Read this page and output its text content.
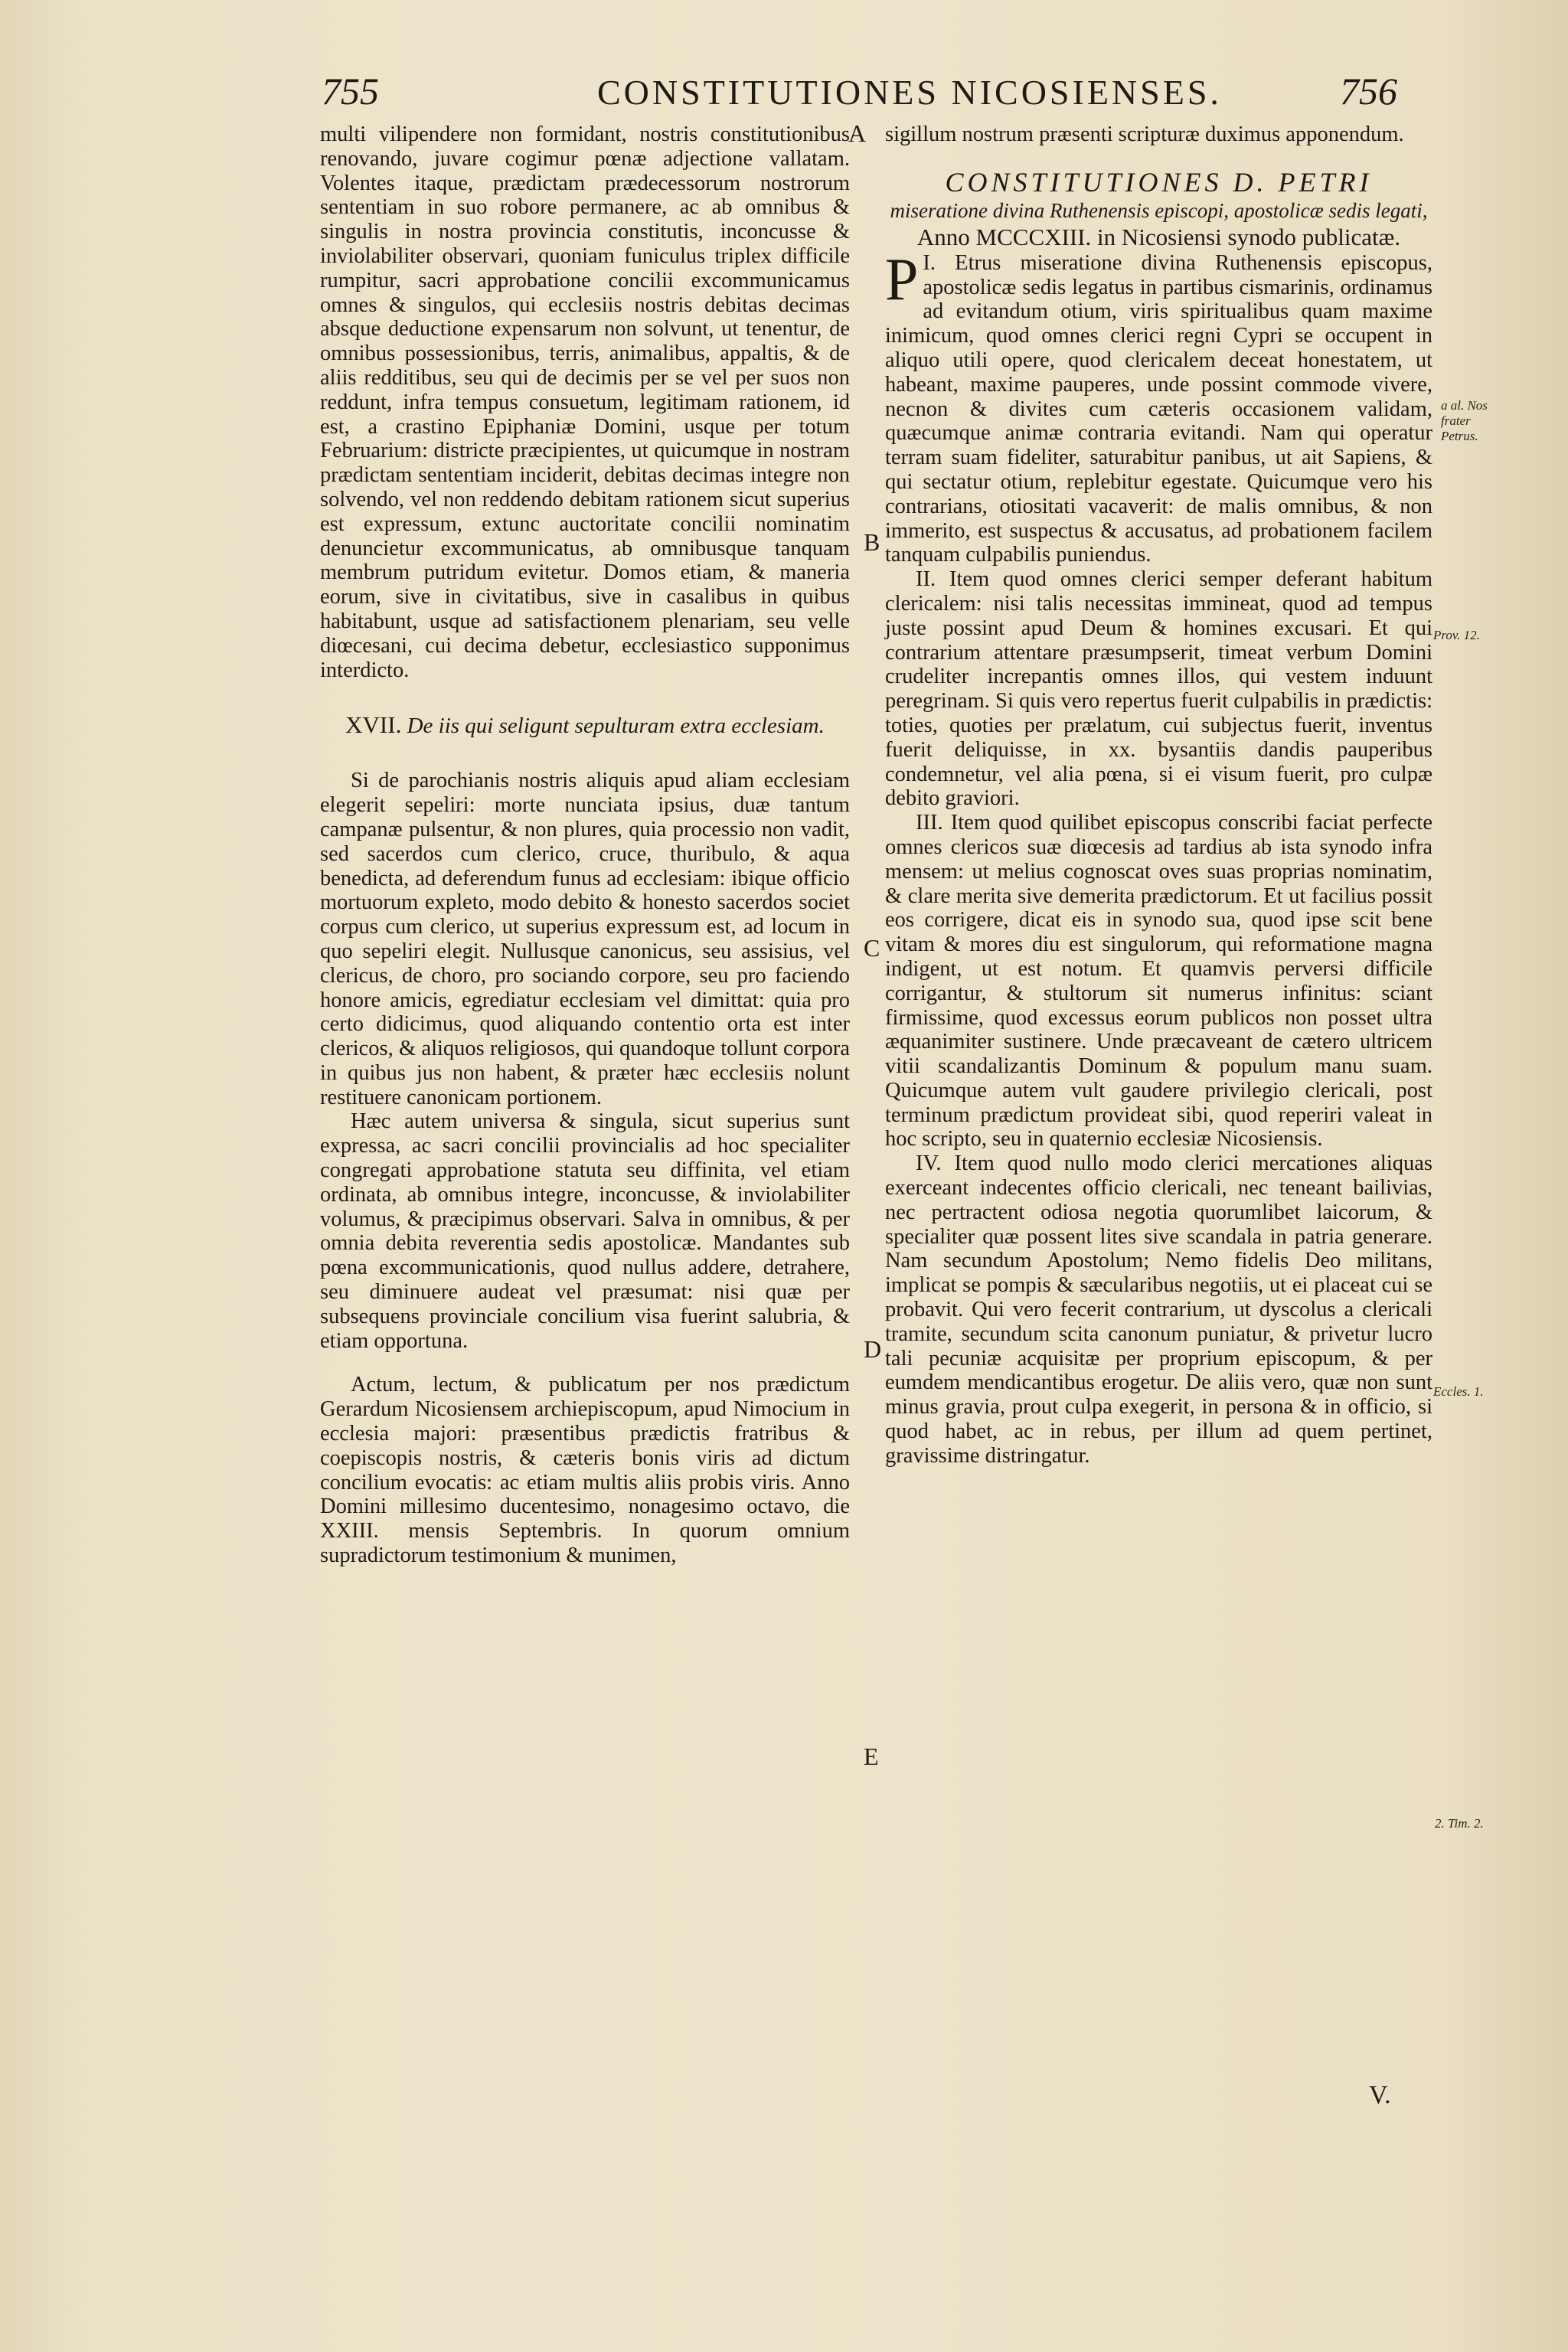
755	CONSTITUTIONES NICOSIENSES.	756

multi vilipendere non formidant, nostris constitutionibus renovando, juvare cogimur pœnæ adjectione vallatam. Volentes itaque, prædictam prædecessorum nostrorum sententiam in suo robore permanere, ac ab omnibus & singulis in nostra provincia constitutis, inconcusse & inviolabiliter observari, quoniam funiculus triplex difficile rumpitur, sacri approbatione concilii excommunicamus omnes & singulos, qui ecclesiis nostris debitas decimas absque deductione expensarum non solvunt, ut tenentur, de omnibus possessionibus, terris, animalibus, appaltis, & de aliis redditibus, seu qui de decimis per se vel per suos non reddunt, infra tempus consuetum, legitimam rationem, id est, a crastino Epiphaniæ Domini, usque per totum Februarium: districte præcipientes, ut quicumque in nostram prædictam sententiam inciderit, debitas decimas integre non solvendo, vel non reddendo debitam rationem sicut superius est expressum, extunc auctoritate concilii nominatim denuncietur excommunicatus, ab omnibusque tanquam membrum putridum evitetur. Domos etiam, & maneria eorum, sive in civitatibus, sive in casalibus in quibus habitabunt, usque ad satisfactionem plenariam, seu velle diœcesani, cui decima debetur, ecclesiastico supponimus interdicto.

XVII. De iis qui seligunt sepulturam extra ecclesiam.

Si de parochianis nostris aliquis apud aliam ecclesiam elegerit sepeliri: morte nunciata ipsius, duæ tantum campanæ pulsentur, & non plures, quia processio non vadit, sed sacerdos cum clerico, cruce, thuribulo, & aqua benedicta, ad deferendum funus ad ecclesiam: ibique officio mortuorum expleto, modo debito & honesto sacerdos societ corpus cum clerico, ut superius expressum est, ad locum in quo sepeliri elegit. Nullusque canonicus, seu assisius, vel clericus, de choro, pro sociando corpore, seu pro faciendo honore amicis, egrediatur ecclesiam vel dimittat: quia pro certo didicimus, quod aliquando contentio orta est inter clericos, & aliquos religiosos, qui quandoque tollunt corpora in quibus jus non habent, & præter hæc ecclesiis nolunt restituere canonicam portionem.

Hæc autem universa & singula, sicut superius sunt expressa, ac sacri concilii provincialis ad hoc specialiter congregati approbatione statuta seu diffinita, vel etiam ordinata, ab omnibus integre, inconcusse, & inviolabiliter volumus, & præcipimus observari. Salva in omnibus, & per omnia debita reverentia sedis apostolicæ. Mandantes sub pœna excommunicationis, quod nullus addere, detrahere, seu diminuere audeat vel præsumat: nisi quæ per subsequens provinciale concilium visa fuerint salubria, & etiam opportuna.

Actum, lectum, & publicatum per nos prædictum Gerardum Nicosiensem archiepiscopum, apud Nimocium in ecclesia majori: præsentibus prædictis fratribus & coepiscopis nostris, & cæteris bonis viris ad dictum concilium evocatis: ac etiam multis aliis probis viris. Anno Domini millesimo ducentesimo, nonagesimo octavo, die XXIII. mensis Septembris. In quorum omnium supradictorum testimonium & munimen,

sigillum nostrum præsenti scripturæ duximus apponendum.

CONSTITUTIONES D. PETRI
miseratione divina Ruthenensis episcopi, apostolicæ sedis legati,

Anno MCCCXIII. in Nicosiensi synodo publicatæ.

I.
P Etrus miseratione divina Ruthenensis episcopus, apostolicæ sedis legatus in partibus cismarinis, ordinamus ad evitandum otium, viris spiritualibus quam maxime inimicum, quod omnes clerici regni Cypri se occupent in aliquo utili opere, quod clericalem deceat honestatem, ut habeant, maxime pauperes, unde possint commode vivere, necnon & divites cum cæteris occasionem validam, quæcumque animæ contraria evitandi. Nam qui operatur terram suam fideliter, saturabitur panibus, ut ait Sapiens, & qui sectatur otium, replebitur egestate. Quicumque vero his contrarians, otiositati vacaverit: de malis omnibus, & non immerito, est suspectus & accusatus, ad probationem facilem tanquam culpabilis puniendus.

II. Item quod omnes clerici semper deferant habitum clericalem: nisi talis necessitas immineat, quod ad tempus juste possint apud Deum & homines excusari. Et qui contrarium attentare præsumpserit, timeat verbum Domini crudeliter increpantis omnes illos, qui vestem induunt peregrinam. Si quis vero repertus fuerit culpabilis in prædictis: toties, quoties per prælatum, cui subjectus fuerit, inventus fuerit deliquisse, in xx. bysantiis dandis pauperibus condemnetur, vel alia pœna, si ei visum fuerit, pro culpæ debito graviori.

III. Item quod quilibet episcopus conscribi faciat perfecte omnes clericos suæ diœcesis ad tardius ab ista synodo infra mensem: ut melius cognoscat oves suas proprias nominatim, & clare merita sive demerita prædictorum. Et ut facilius possit eos corrigere, dicat eis in synodo sua, quod ipse scit bene vitam & mores diu est singulorum, qui reformatione magna indigent, ut est notum. Et quamvis perversi difficile corrigantur, & stultorum sit numerus infinitus: sciant firmissime, quod excessus eorum publicos non posset ultra æquanimiter sustinere. Unde præcaveant de cætero ultricem vitii scandalizantis Dominum & populum manu suam. Quicumque autem vult gaudere privilegio clericali, post terminum prædictum provideat sibi, quod reperiri valeat in hoc scripto, seu in quaternio ecclesiæ Nicosiensis.

IV. Item quod nullo modo clerici mercationes aliquas exerceant indecentes officio clericali, nec teneant bailivias, nec pertractent odiosa negotia quorumlibet laicorum, & specialiter quæ possent lites sive scandala in patria generare. Nam secundum Apostolum; Nemo fidelis Deo militans, implicat se pompis & sæcularibus negotiis, ut ei placeat cui se probavit. Qui vero fecerit contrarium, ut dyscolus a clericali tramite, secundum scita canonum puniatur, & privetur lucro tali pecuniæ acquisitæ per proprium episcopum, & per eumdem mendicantibus erogetur. De aliis vero, quæ non sunt minus gravia, prout culpa exegerit, in persona & in officio, si quod habet, ac in rebus, per illum ad quem pertinet, gravissime distringatur.

A
B
C
D
E
a al. Nos frater Petrus.
Prov. 12.
Eccles. 1.
2. Tim. 2.
V.
